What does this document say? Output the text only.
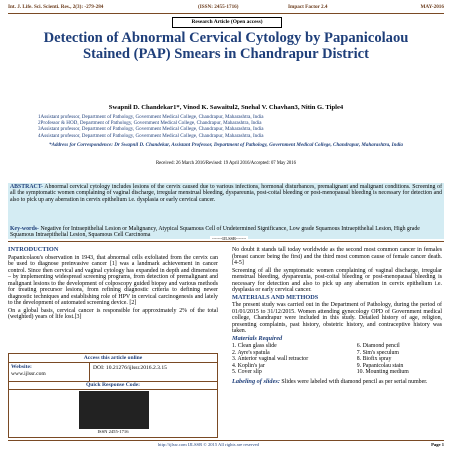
Int. J. Life. Sci. Scienti. Res., 2(3): -279-284	(ISSN: 2455-1716)	Impact Factor 2.4	MAY-2016
Research Article (Open access)
Detection of Abnormal Cervical Cytology by Papanicolaou Stained (PAP) Smears in Chandrapur District
Swapnil D. Chandekar1*, Vinod K. Sawaitul2, Snehal V. Chavhan3, Nitin G. Tiple4
1Assistant professor, Department of Pathology, Government Medical College, Chandrapur, Maharashtra, India
2Professor & HOD, Department of Pathology, Government Medical College, Chandrapur, Maharashtra, India
3Assistant professor, Department of Pathology, Government Medical College, Chandrapur, Maharashtra, India
4Assistant professor, Department of Pathology, Government Medical College, Chandrapur, Maharashtra, India
*Address for Correspondence: Dr Swapnil D. Chandekar, Assistant Professor, Department of Pathology, Government Medical College, Chandrapur, Maharashtra, India
Received: 26 March 2016/Revised: 19 April 2016/Accepted: 07 May 2016
ABSTRACT- Abnormal cervical cytology includes lesions of the cervix caused due to various infections, hormonal disturbances, premalignant and malignant conditions. Screening of all the symptomatic women complaining of vaginal discharge, irregular menstrual bleeding, dyspareunia, post-coital bleeding or post-menopausal bleeding is necessary for detection and also to pick up any aberration in cervix epithelium i.e. dysplasia or early cervical cancer.
Key-words- Negative for Intraepithelial Lesion or Malignancy, Atypical Squamous Cell of Undetermined Significance, Low grade Squamous Intraepithelial Lesion, High grade Squamous Intraepithelial Lesion, Squamous Cell Carcinoma
-------IJLSSR-------
INTRODUCTION

Papanicolaou's observation in 1943, that abnormal cells exfoliated from the cervix can be used to diagnose preinvasive cancer [1] was a landmark achievement in cancer control. Since then cervical and vaginal cytology has expanded in depth and dimensions – by implementing widespread screening programs, from detection of premalignant and malignant lesions to the development of colposcopy guided biopsy and various methods for treating precursor lesions, from refining diagnostic criteria to defining newer diagnostic techniques and establishing role of HPV in cervical carcinogenesis and lately to the development of automated screening device. [2]

On a global basis, cervical cancer is responsible for approximately 2% of the total (weighted) years of life lost.[3]

Access this article online
Website:
www.ijlssr.com
DOI: 10.21276/ijlssr.2016.2.3.15
Quick Response Code:
ISSN 2455-1716

No doubt it stands tall today worldwide as the second most common cancer in females (breast cancer being the first) and the third most common cause of female cancer death. [4-5]

Screening of all the symptomatic women complaining of vaginal discharge, irregular menstrual bleeding, dyspareunia, post-coital bleeding or post-menopausal bleeding is necessary for detection and also to pick up any aberration in cervix epithelium i.e. dysplasia or early cervical cancer.

MATERIALS AND METHODS

The present study was carried out in the Department of Pathology, during the period of 01/01/2015 to 31/12/2015. Women attending gynecology OPD of Government medical college, Chandrapur were included in this study. Detailed history of age, religion, presenting complaints, past history, obstetric history, and contraceptive history was taken.

Materials Required
1. Clean glass slide
2. Ayre's spatula
3. Anterior vaginal wall retractor
4. Koplin's jar
5. Cover slip

6. Diamond pencil
7. Sim's speculum
8. Biofix spray
9. Papanicolau stain
10. Mounting medium

Labeling of slides: Slides were labeled with diamond pencil as per serial number.

http://ijlssr.com IJLSSR © 2015 All rights are reserved	Page 1
